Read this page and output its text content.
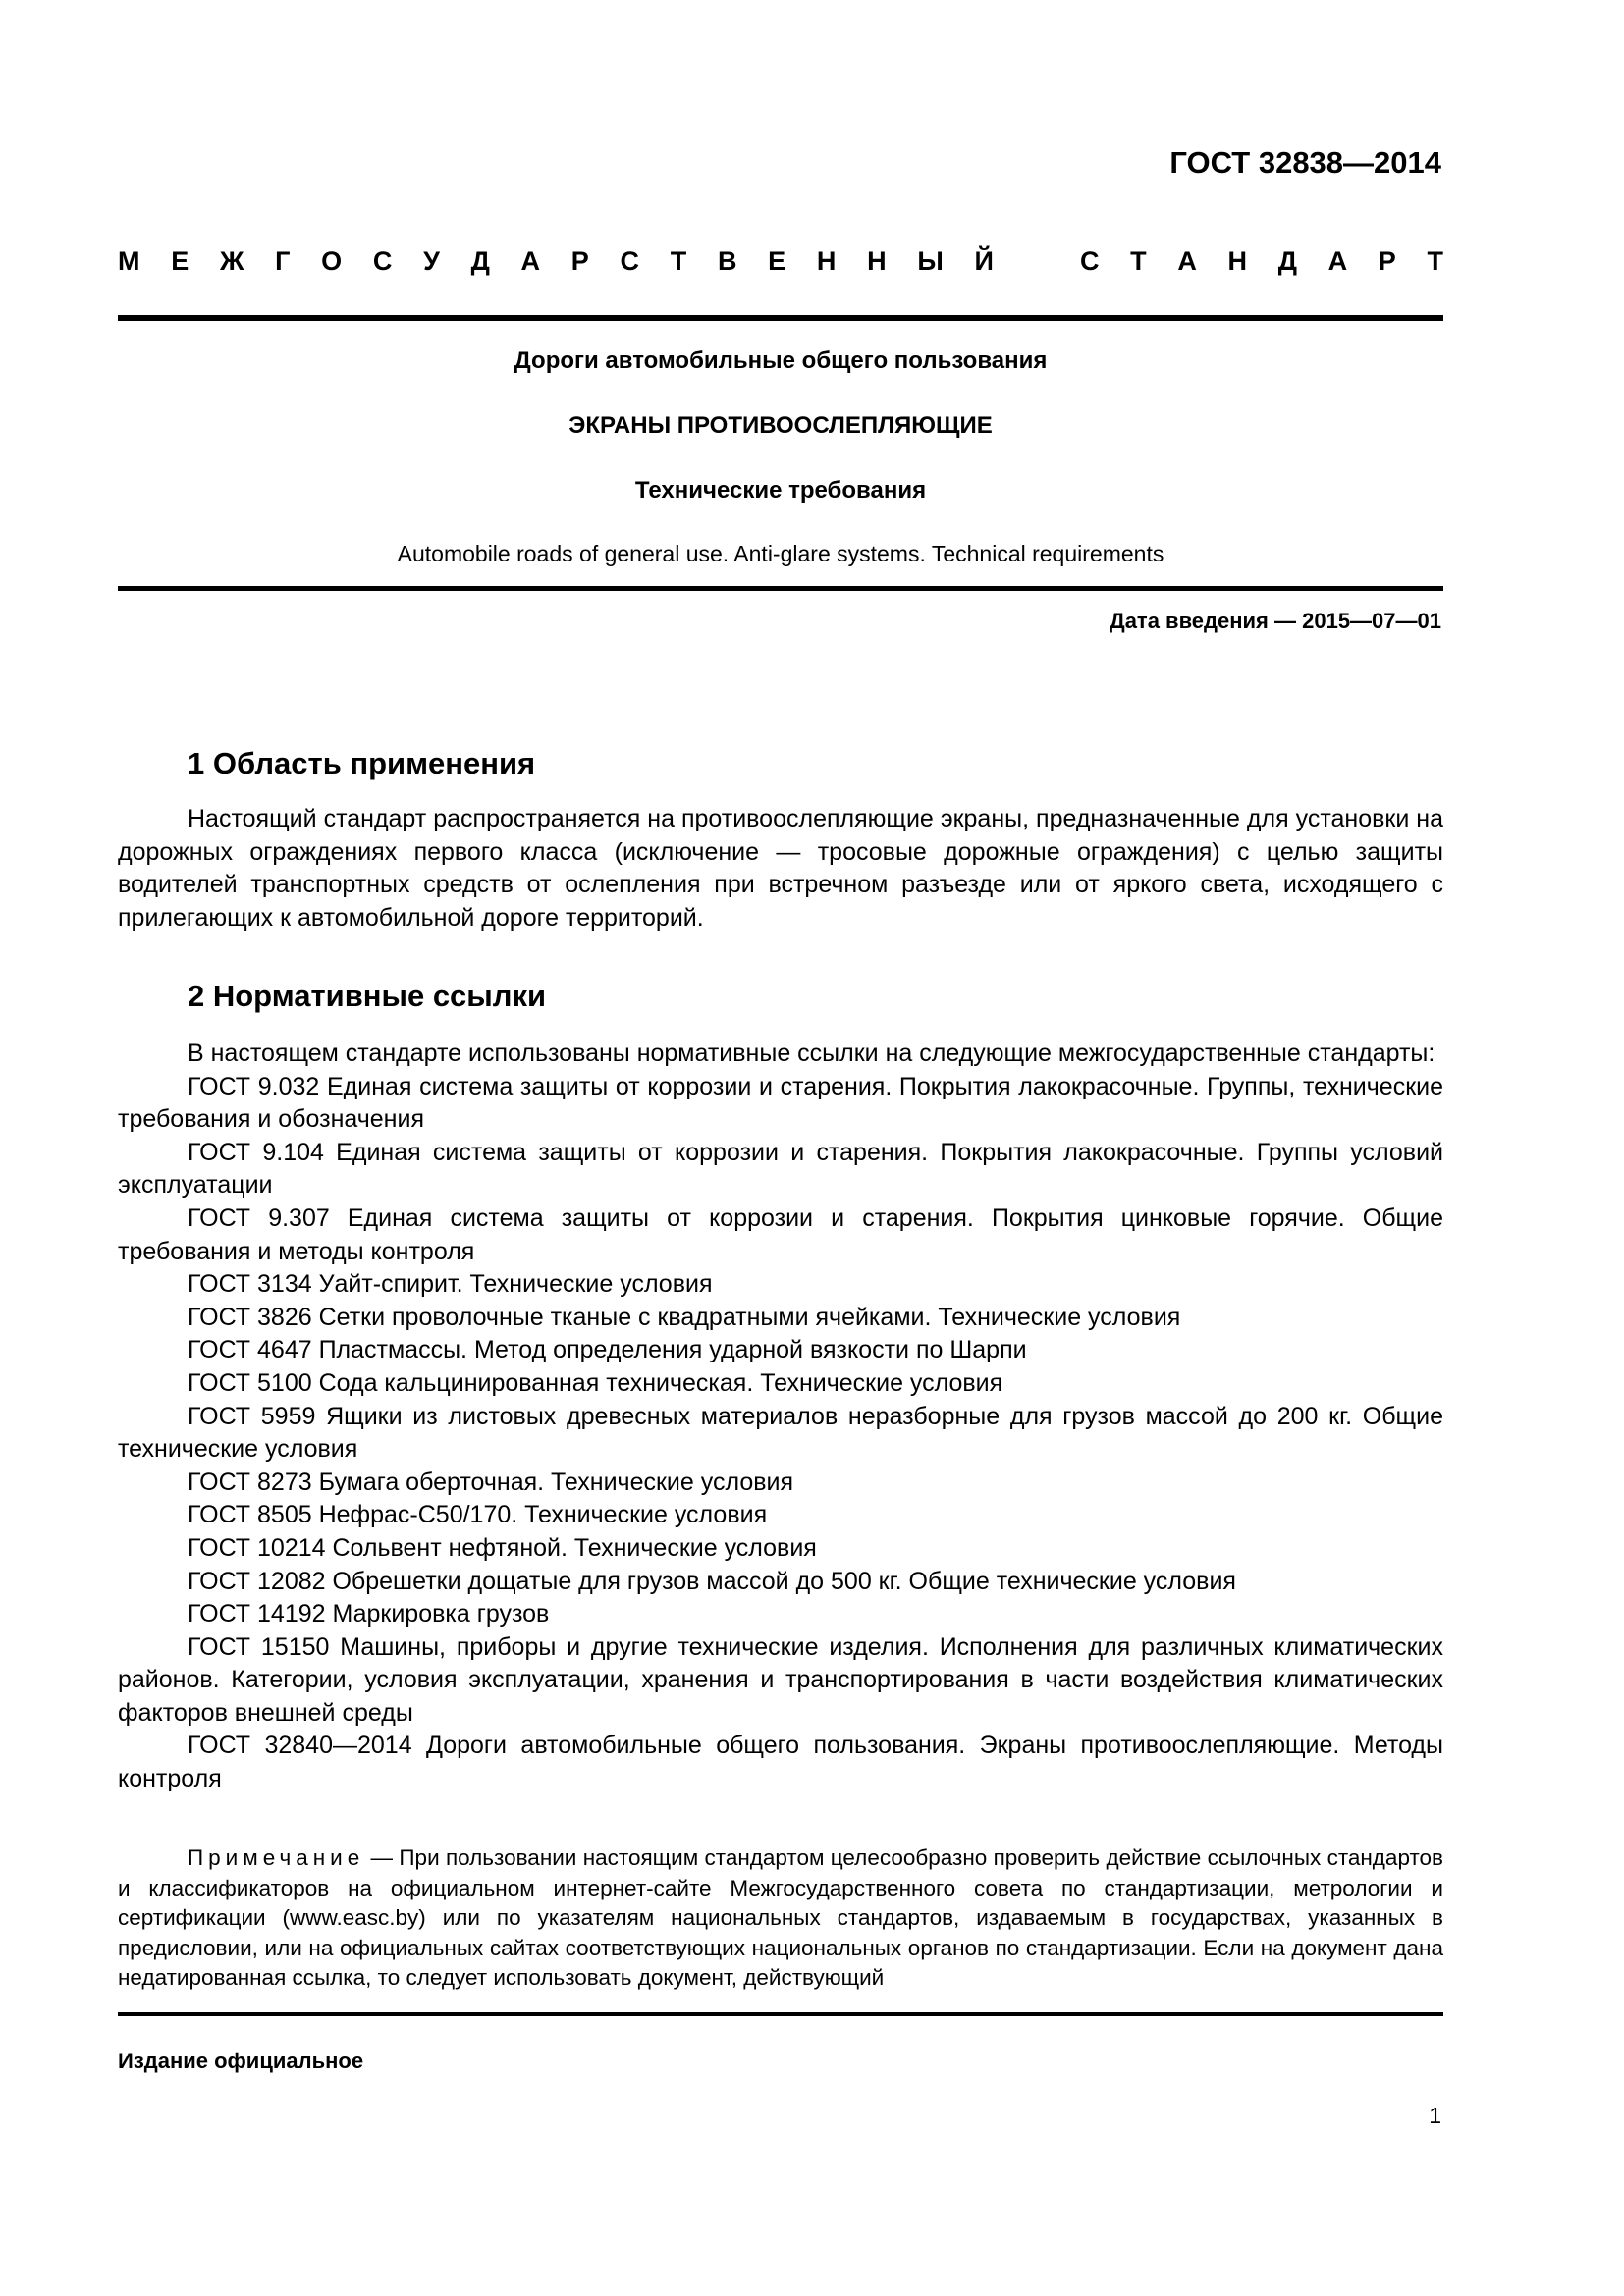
ГОСТ 32838—2014
М Е Ж Г О С У Д А Р С Т В Е Н Н Ы Й	С Т А Н Д А Р Т
Дороги автомобильные общего пользования
ЭКРАНЫ ПРОТИВООСЛЕПЛЯЮЩИЕ
Технические требования
Automobile roads of general use. Anti-glare systems. Technical requirements
Дата введения — 2015—07—01
1 Область применения
Настоящий стандарт распространяется на противоослепляющие экраны, предназначенные для установки на дорожных ограждениях первого класса (исключение — тросовые дорожные ограждения) с целью защиты водителей транспортных средств от ослепления при встречном разъезде или от яркого света, исходящего с прилегающих к автомобильной дороге территорий.
2 Нормативные ссылки

В настоящем стандарте использованы нормативные ссылки на следующие межгосударственные стандарты:

ГОСТ 9.032 Единая система защиты от коррозии и старения. Покрытия лакокрасочные. Группы, технические требования и обозначения

ГОСТ 9.104 Единая система защиты от коррозии и старения. Покрытия лакокрасочные. Группы условий эксплуатации

ГОСТ 9.307 Единая система защиты от коррозии и старения. Покрытия цинковые горячие. Общие требования и методы контроля

ГОСТ 3134 Уайт-спирит. Технические условия

ГОСТ 3826 Сетки проволочные тканые с квадратными ячейками. Технические условия

ГОСТ 4647 Пластмассы. Метод определения ударной вязкости по Шарпи

ГОСТ 5100 Сода кальцинированная техническая. Технические условия

ГОСТ 5959 Ящики из листовых древесных материалов неразборные для грузов массой до 200 кг. Общие технические условия

ГОСТ 8273 Бумага оберточная. Технические условия

ГОСТ 8505 Нефрас-С50/170. Технические условия

ГОСТ 10214 Сольвент нефтяной. Технические условия

ГОСТ 12082 Обрешетки дощатые для грузов массой до 500 кг. Общие технические условия

ГОСТ 14192 Маркировка грузов

ГОСТ 15150 Машины, приборы и другие технические изделия. Исполнения для различных климатических районов. Категории, условия эксплуатации, хранения и транспортирования в части воздействия климатических факторов внешней среды

ГОСТ 32840—2014 Дороги автомобильные общего пользования. Экраны противоослепляющие. Методы контроля

Примечание — При пользовании настоящим стандартом целесообразно проверить действие ссылочных стандартов и классификаторов на официальном интернет-сайте Межгосударственного совета по стандартизации, метрологии и сертификации (www.easc.by) или по указателям национальных стандартов, издаваемым в государствах, указанных в предисловии, или на официальных сайтах соответствующих национальных органов по стандартизации. Если на документ дана недатированная ссылка, то следует использовать документ, действующий
Издание официальное
1
